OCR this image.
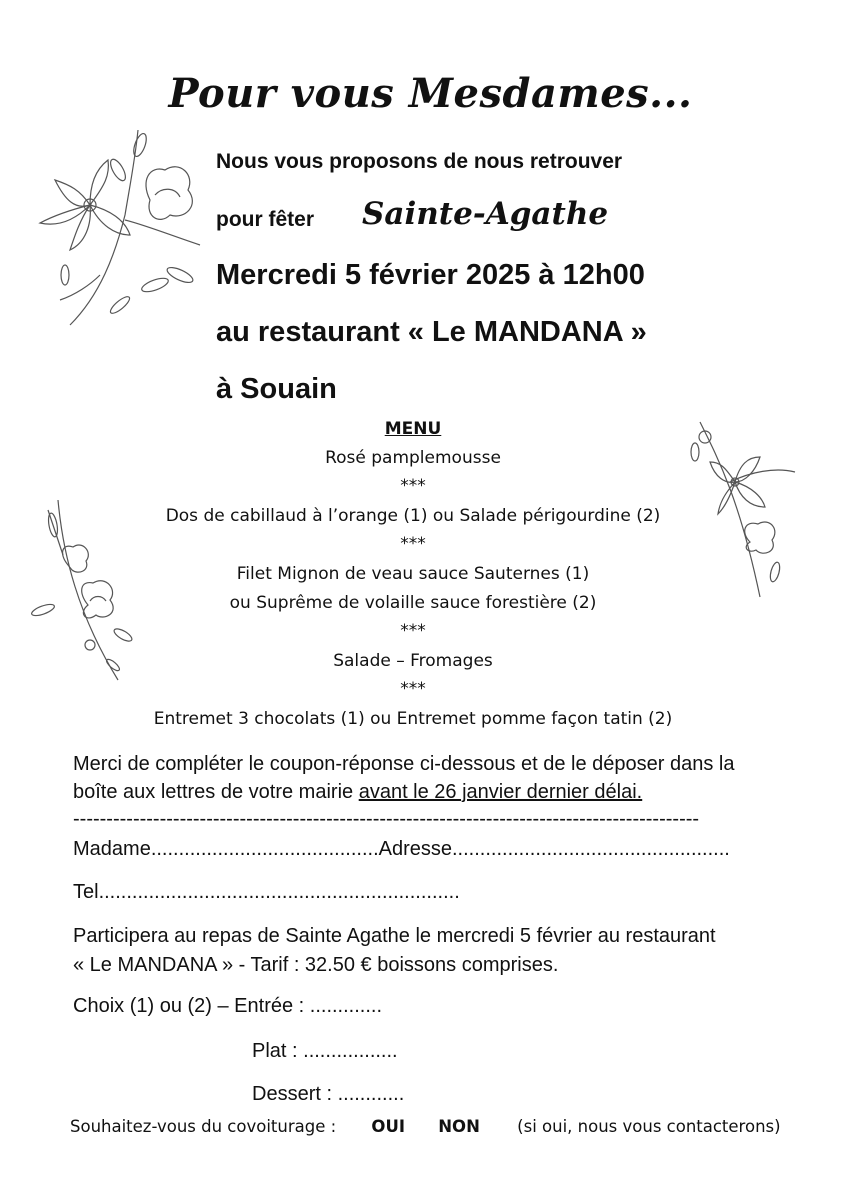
Pour vous Mesdames...
Nous vous proposons de nous retrouver
pour fêter Sainte-Agathe
Mercredi 5 février 2025 à 12h00
au restaurant « Le MANDANA »
à Souain
MENU
Rosé pamplemousse
***
Dos de cabillaud à l’orange (1) ou Salade périgourdine (2)
***
Filet Mignon de veau sauce Sauternes (1)
ou Suprême de volaille sauce forestière (2)
***
Salade – Fromages
***
Entremet 3 chocolats (1) ou Entremet pomme façon tatin (2)
Merci de compléter le coupon-réponse ci-dessous et de le déposer dans la
boîte aux lettres de votre mairie avant le 26 janvier dernier délai.
----------------------------------------------------------------------------------------------
Madame.........................................Adresse..................................................
Tel.................................................................
Participera au repas de Sainte Agathe le mercredi 5 février au restaurant
« Le MANDANA » - Tarif : 32.50 € boissons comprises.
Choix (1) ou (2) – Entrée : .............
Plat : .................
Dessert : ............
Souhaitez-vous du covoiturage : OUI NON (si oui, nous vous contacterons)
